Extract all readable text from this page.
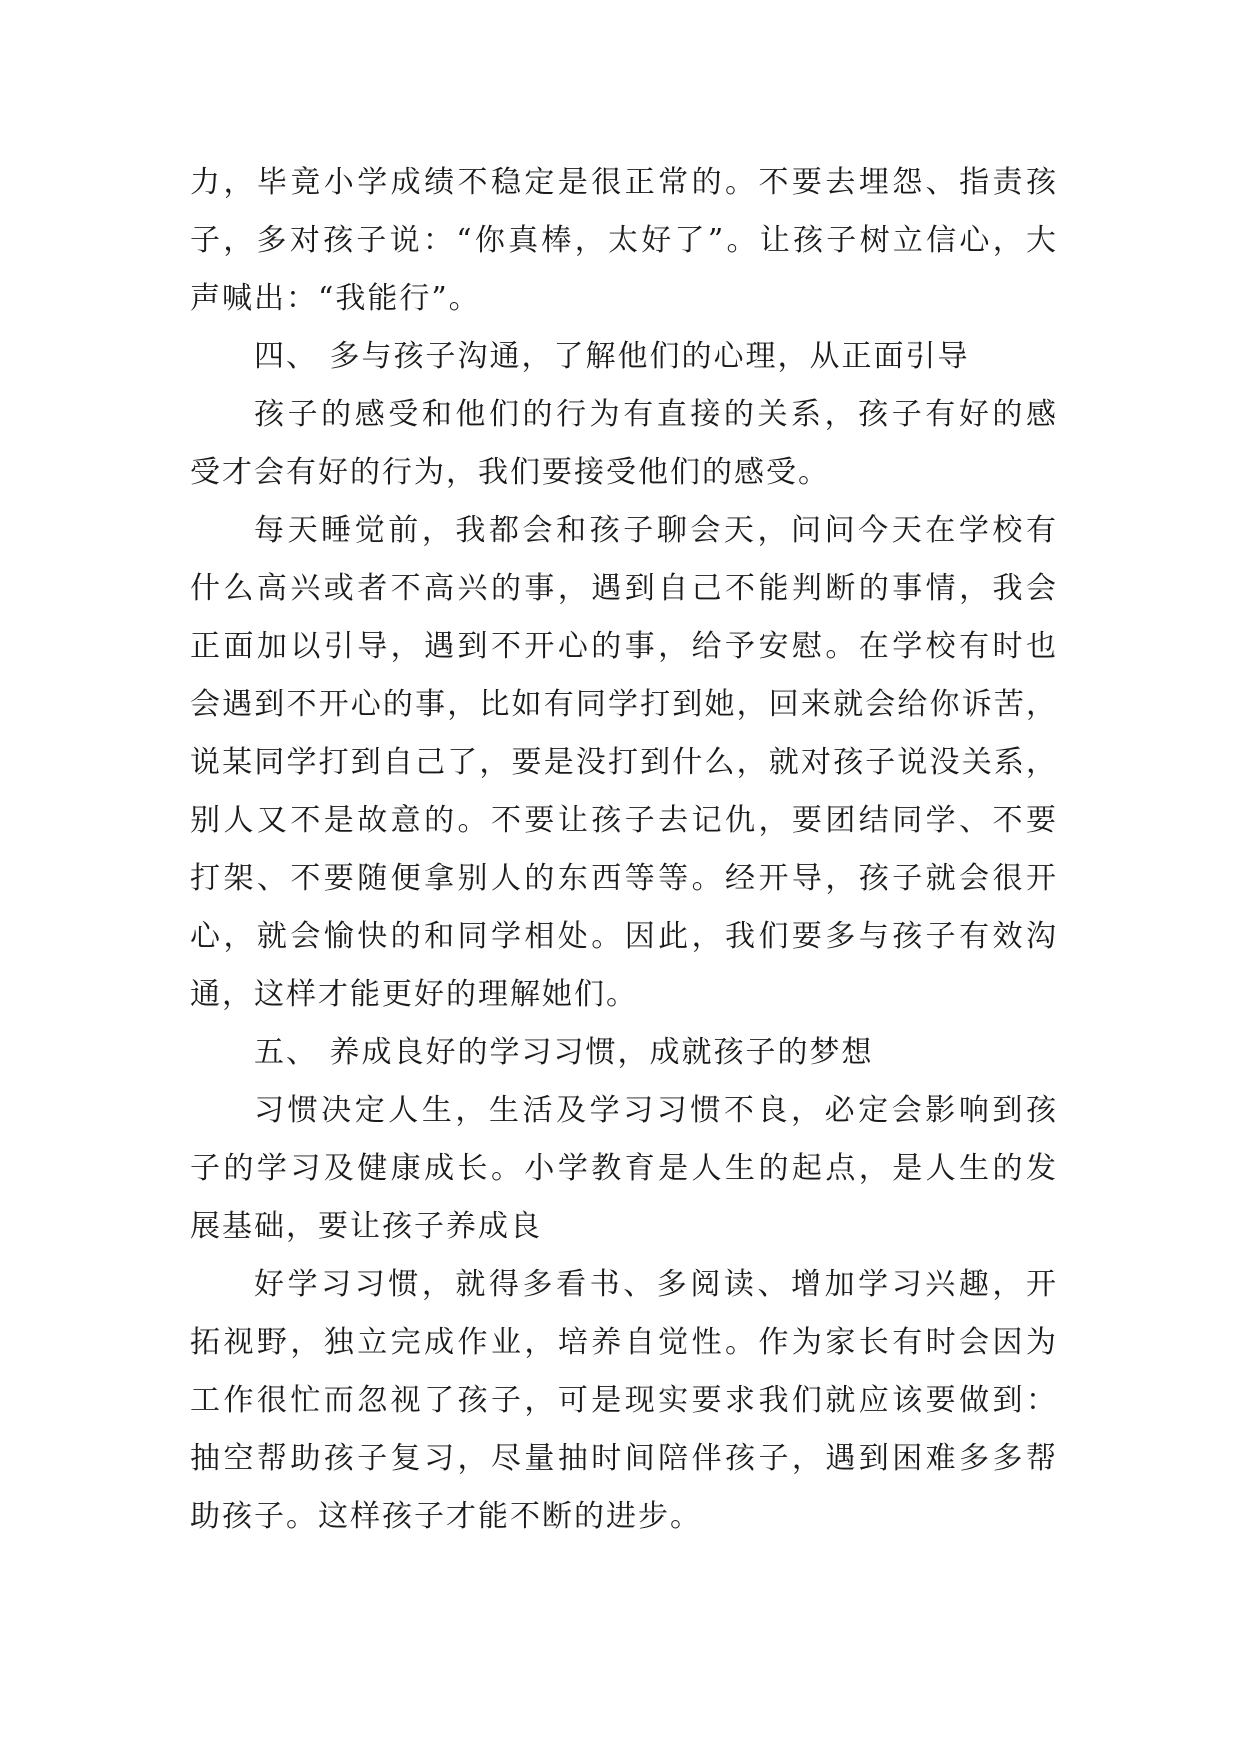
力，毕竟小学成绩不稳定是很正常的。不要去埋怨、指责孩
子，多对孩子说：“你真棒，太好了”。让孩子树立信心，大
声喊出：“我能行”。
四、 多与孩子沟通，了解他们的心理，从正面引导
孩子的感受和他们的行为有直接的关系，孩子有好的感
受才会有好的行为，我们要接受他们的感受。
每天睡觉前，我都会和孩子聊会天，问问今天在学校有
什么高兴或者不高兴的事，遇到自己不能判断的事情，我会
正面加以引导，遇到不开心的事，给予安慰。在学校有时也
会遇到不开心的事，比如有同学打到她，回来就会给你诉苦，
说某同学打到自己了，要是没打到什么，就对孩子说没关系，
别人又不是故意的。不要让孩子去记仇，要团结同学、不要
打架、不要随便拿别人的东西等等。经开导，孩子就会很开
心，就会愉快的和同学相处。因此，我们要多与孩子有效沟
通，这样才能更好的理解她们。
五、 养成良好的学习习惯，成就孩子的梦想
习惯决定人生，生活及学习习惯不良，必定会影响到孩
子的学习及健康成长。小学教育是人生的起点，是人生的发
展基础，要让孩子养成良
好学习习惯，就得多看书、多阅读、增加学习兴趣，开
拓视野，独立完成作业，培养自觉性。作为家长有时会因为
工作很忙而忽视了孩子，可是现实要求我们就应该要做到：
抽空帮助孩子复习，尽量抽时间陪伴孩子，遇到困难多多帮
助孩子。这样孩子才能不断的进步。
